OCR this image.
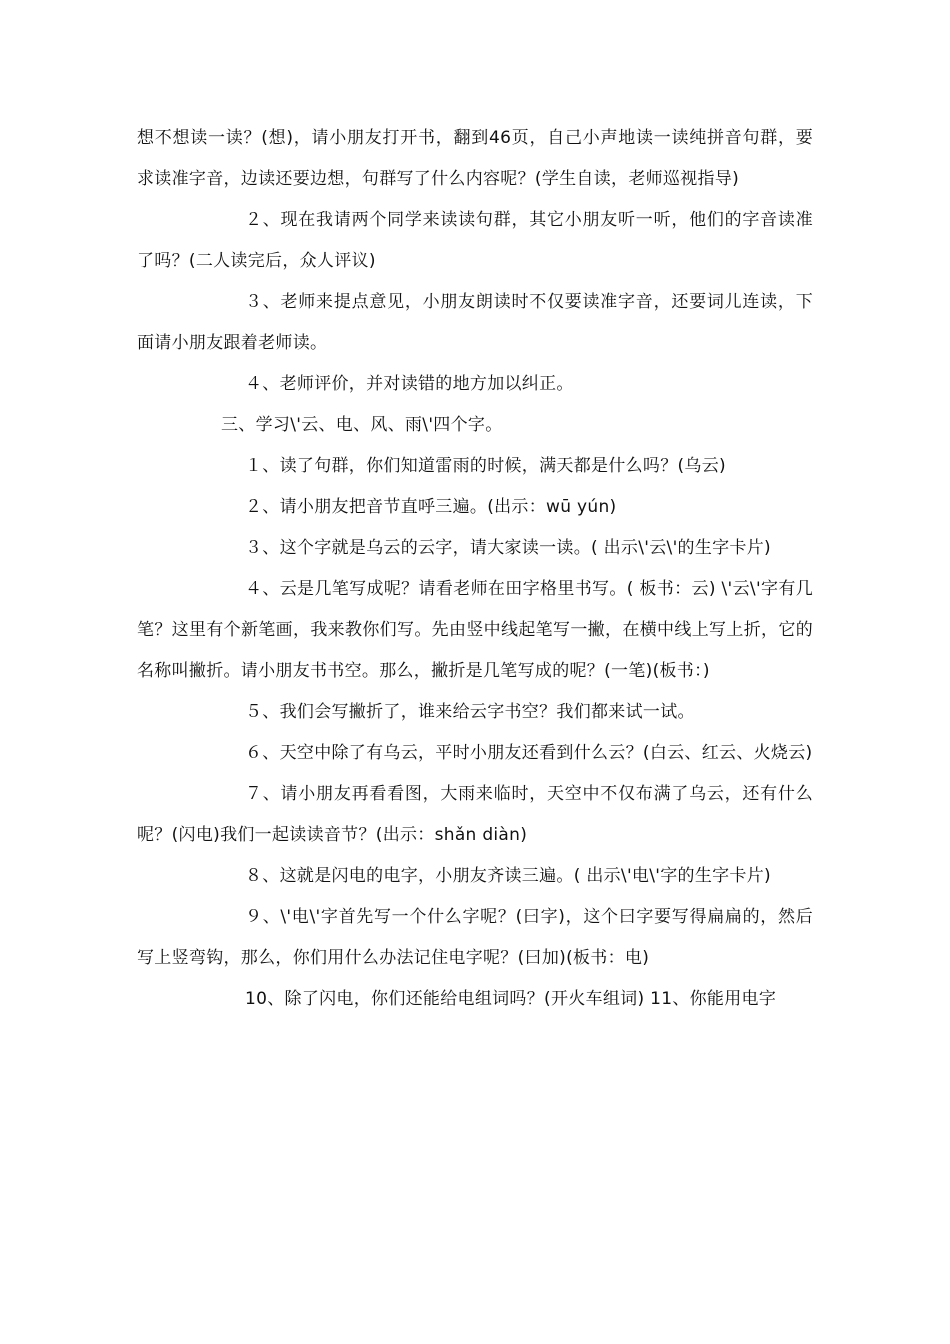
想不想读一读？(想)，请小朋友打开书，翻到46页，自己小声地读一读纯拼音句群，要求读准字音，边读还要边想，句群写了什么内容呢？(学生自读，老师巡视指导)

２、现在我请两个同学来读读句群，其它小朋友听一听，他们的字音读准了吗？(二人读完后，众人评议)

３、老师来提点意见，小朋友朗读时不仅要读准字音，还要词儿连读，下面请小朋友跟着老师读。

４、老师评价，并对读错的地方加以纠正。

三、学习\'云、电、风、雨\'四个字。

１、读了句群，你们知道雷雨的时候，满天都是什么吗？(乌云)

２、请小朋友把音节直呼三遍。(出示：wū yún)

３、这个字就是乌云的云字，请大家读一读。( 出示\'云\'的生字卡片)

４、云是几笔写成呢？请看老师在田字格里书写。( 板书：云) \'云\'字有几笔？这里有个新笔画，我来教你们写。先由竖中线起笔写一撇，在横中线上写上折，它的名称叫撇折。请小朋友书书空。那么，撇折是几笔写成的呢？(一笔)(板书：)

５、我们会写撇折了，谁来给云字书空？我们都来试一试。

６、天空中除了有乌云，平时小朋友还看到什么云？(白云、红云、火烧云)

７、请小朋友再看看图，大雨来临时，天空中不仅布满了乌云，还有什么呢？(闪电)我们一起读读音节？(出示：shǎn diàn)

８、这就是闪电的电字，小朋友齐读三遍。( 出示\'电\'字的生字卡片)

９、\'电\'字首先写一个什么字呢？(曰字)，这个曰字要写得扁扁的，然后写上竖弯钩，那么，你们用什么办法记住电字呢？(曰加)(板书：电)

10、除了闪电，你们还能给电组词吗？(开火车组词) 11、你能用电字
